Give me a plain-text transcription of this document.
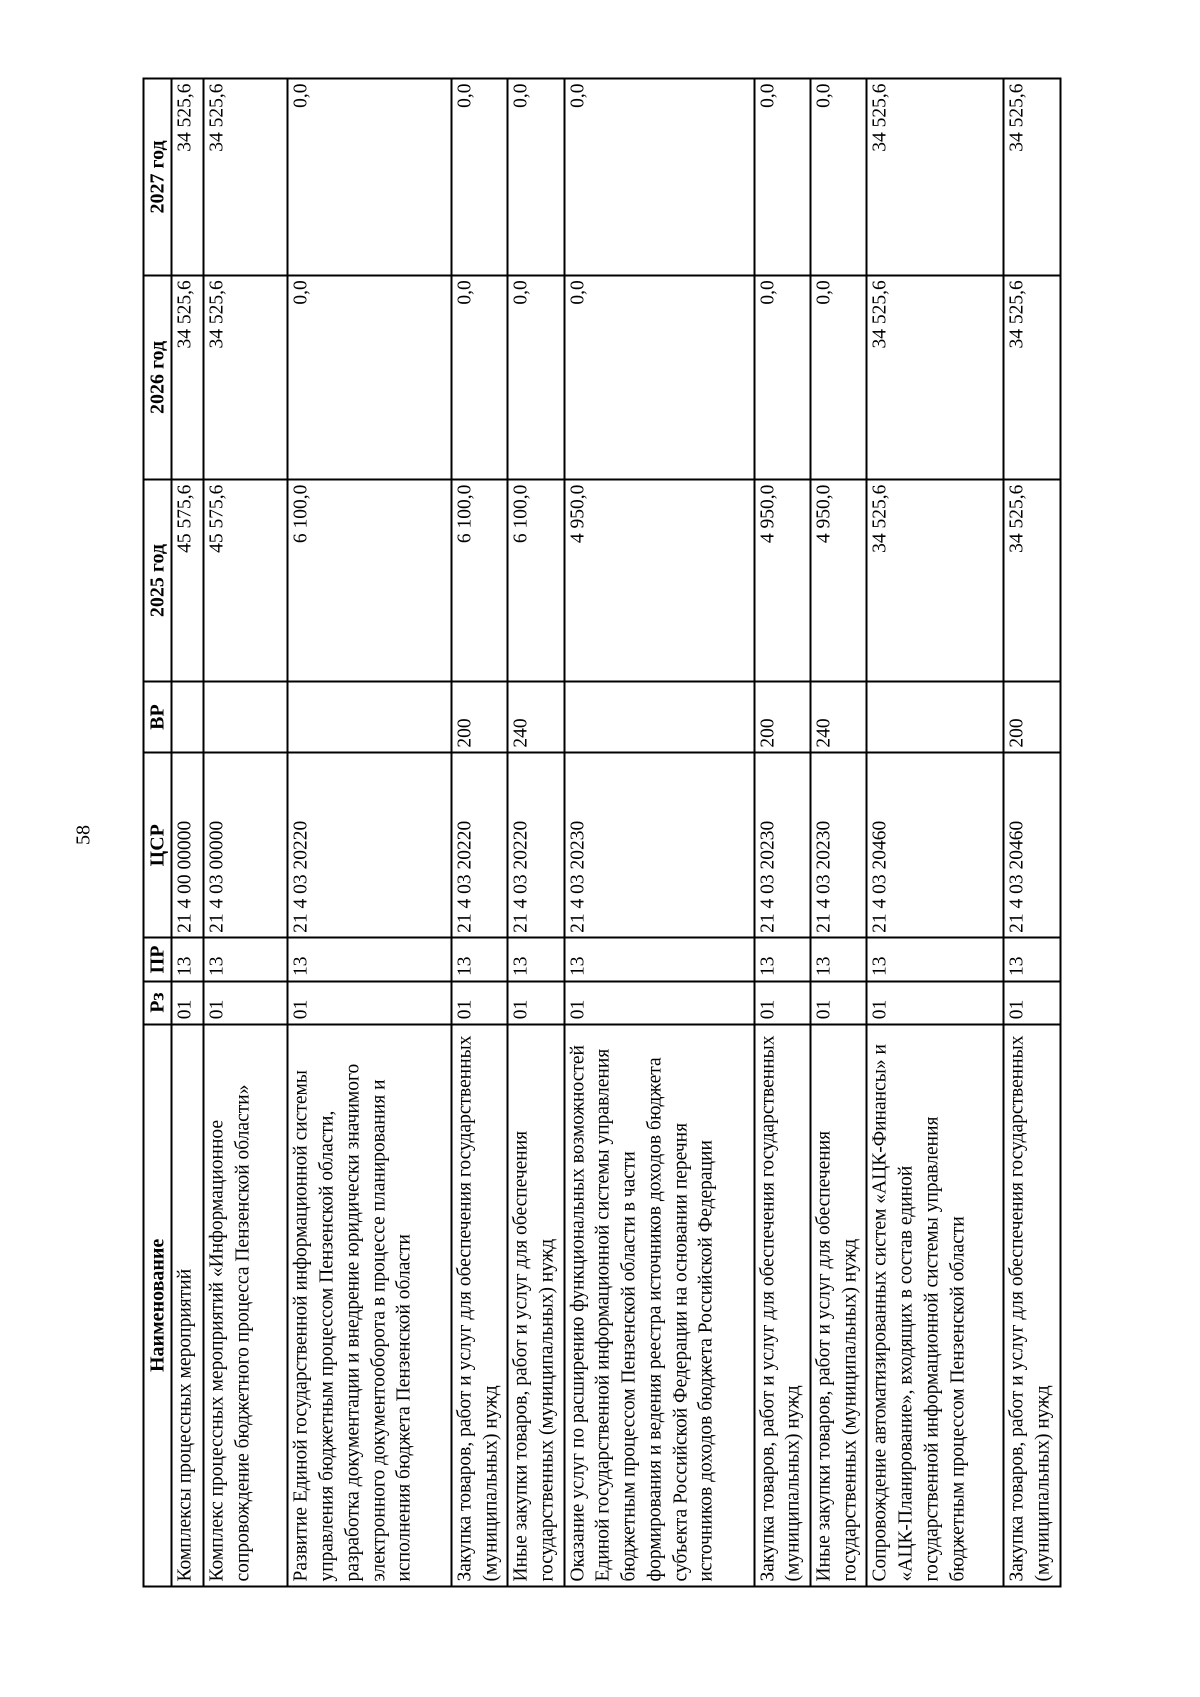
58
Наименование	Рз	ПР	ЦСР	ВР	2025 год	2026 год	2027 год
Комплексы процессных мероприятий	01	13	21 4 00 00000		45 575,6	34 525,6	34 525,6
Комплекс процессных мероприятий «Информационное сопровождение бюджетного процесса Пензенской области»	01	13	21 4 03 00000		45 575,6	34 525,6	34 525,6
Развитие Единой государственной информационной системы управления бюджетным процессом Пензенской области, разработка документации и внедрение юридически значимого электронного документооборота в процессе планирования и исполнения бюджета Пензенской области	01	13	21 4 03 20220		6 100,0	0,0	0,0
Закупка товаров, работ и услуг для обеспечения государственных (муниципальных) нужд	01	13	21 4 03 20220	200	6 100,0	0,0	0,0
Иные закупки товаров, работ и услуг для обеспечения государственных (муниципальных) нужд	01	13	21 4 03 20220	240	6 100,0	0,0	0,0
Оказание услуг по расширению функциональных возможностей Единой государственной информационной системы управления бюджетным процессом Пензенской области в части формирования и ведения реестра источников доходов бюджета субъекта Российской Федерации на основании перечня источников доходов бюджета Российской Федерации	01	13	21 4 03 20230		4 950,0	0,0	0,0
Закупка товаров, работ и услуг для обеспечения государственных (муниципальных) нужд	01	13	21 4 03 20230	200	4 950,0	0,0	0,0
Иные закупки товаров, работ и услуг для обеспечения государственных (муниципальных) нужд	01	13	21 4 03 20230	240	4 950,0	0,0	0,0
Сопровождение автоматизированных систем «АЦК-Финансы» и «АЦК-Планирование», входящих в состав единой государственной информационной системы управления бюджетным процессом Пензенской области	01	13	21 4 03 20460		34 525,6	34 525,6	34 525,6
Закупка товаров, работ и услуг для обеспечения государственных (муниципальных) нужд	01	13	21 4 03 20460	200	34 525,6	34 525,6	34 525,6
